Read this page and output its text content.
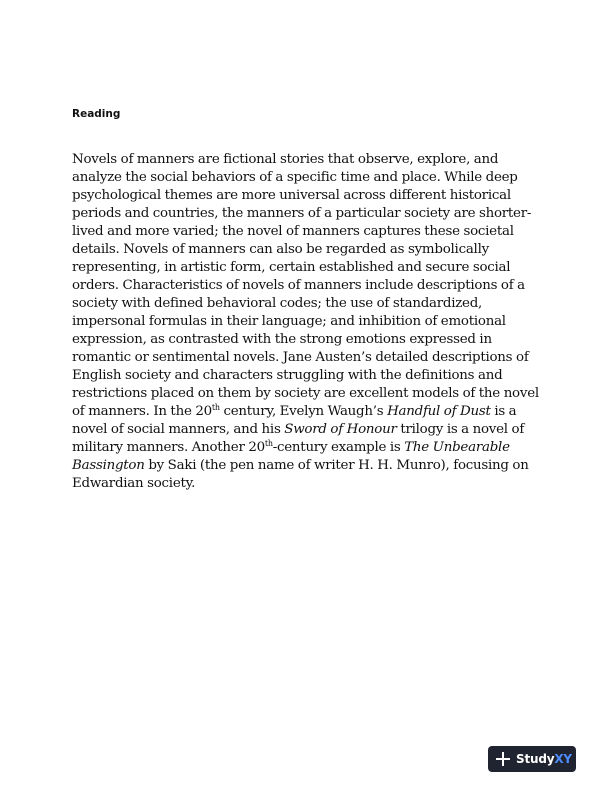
Reading

Novels of manners are fictional stories that observe, explore, and analyze the social behaviors of a specific time and place. While deep psychological themes are more universal across different historical periods and countries, the manners of a particular society are shorter-lived and more varied; the novel of manners captures these societal details. Novels of manners can also be regarded as symbolically representing, in artistic form, certain established and secure social orders. Characteristics of novels of manners include descriptions of a society with defined behavioral codes; the use of standardized, impersonal formulas in their language; and inhibition of emotional expression, as contrasted with the strong emotions expressed in romantic or sentimental novels. Jane Austen’s detailed descriptions of English society and characters struggling with the definitions and restrictions placed on them by society are excellent models of the novel of manners. In the 20th century, Evelyn Waugh’s Handful of Dust is a novel of social manners, and his Sword of Honour trilogy is a novel of military manners. Another 20th-century example is The Unbearable Bassington by Saki (the pen name of writer H. H. Munro), focusing on Edwardian society.

StudyXY
